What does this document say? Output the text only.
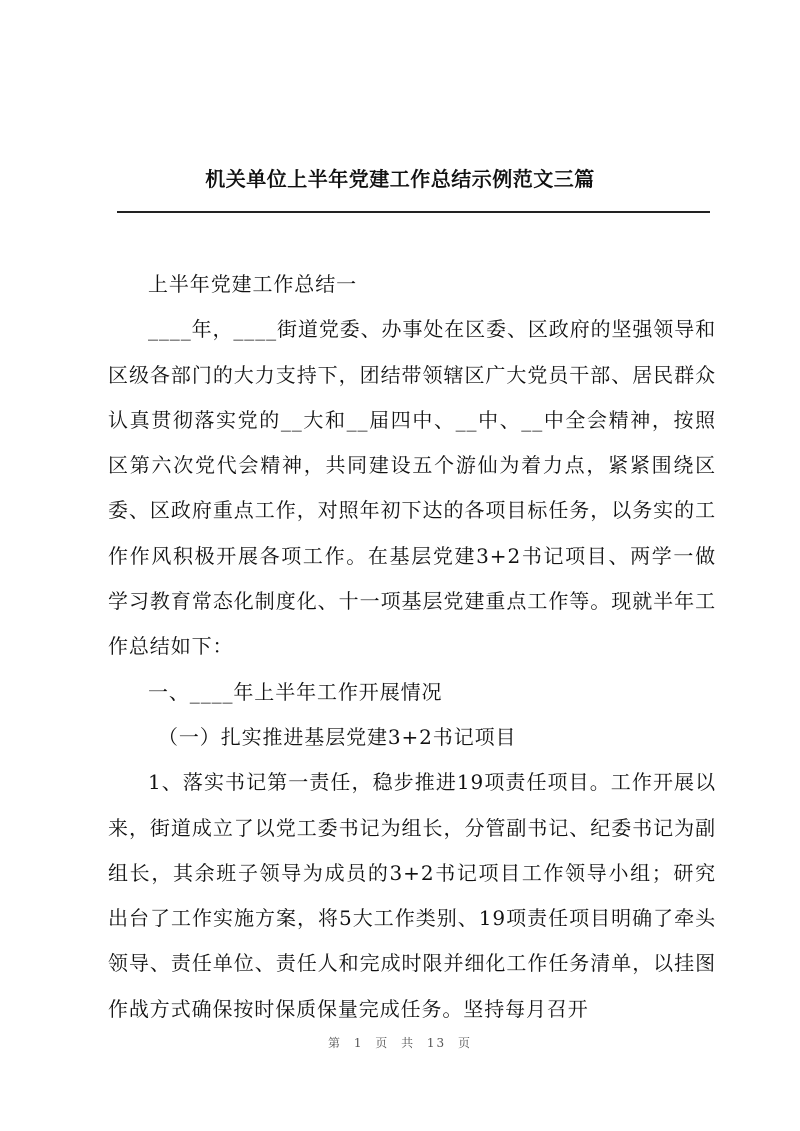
机关单位上半年党建工作总结示例范文三篇

上半年党建工作总结一

____年，____街道党委、办事处在区委、区政府的坚强领导和区级各部门的大力支持下，团结带领辖区广大党员干部、居民群众认真贯彻落实党的__大和__届四中、__中、__中全会精神，按照区第六次党代会精神，共同建设五个游仙为着力点，紧紧围绕区委、区政府重点工作，对照年初下达的各项目标任务，以务实的工作作风积极开展各项工作。在基层党建3+2书记项目、两学一做学习教育常态化制度化、十一项基层党建重点工作等。现就半年工作总结如下：

一、____年上半年工作开展情况

（一）扎实推进基层党建3+2书记项目

1、落实书记第一责任，稳步推进19项责任项目。工作开展以来，街道成立了以党工委书记为组长，分管副书记、纪委书记为副组长，其余班子领导为成员的3+2书记项目工作领导小组；研究出台了工作实施方案，将5大工作类别、19项责任项目明确了牵头领导、责任单位、责任人和完成时限并细化工作任务清单，以挂图作战方式确保按时保质保量完成任务。坚持每月召开

第 1 页 共 13 页
